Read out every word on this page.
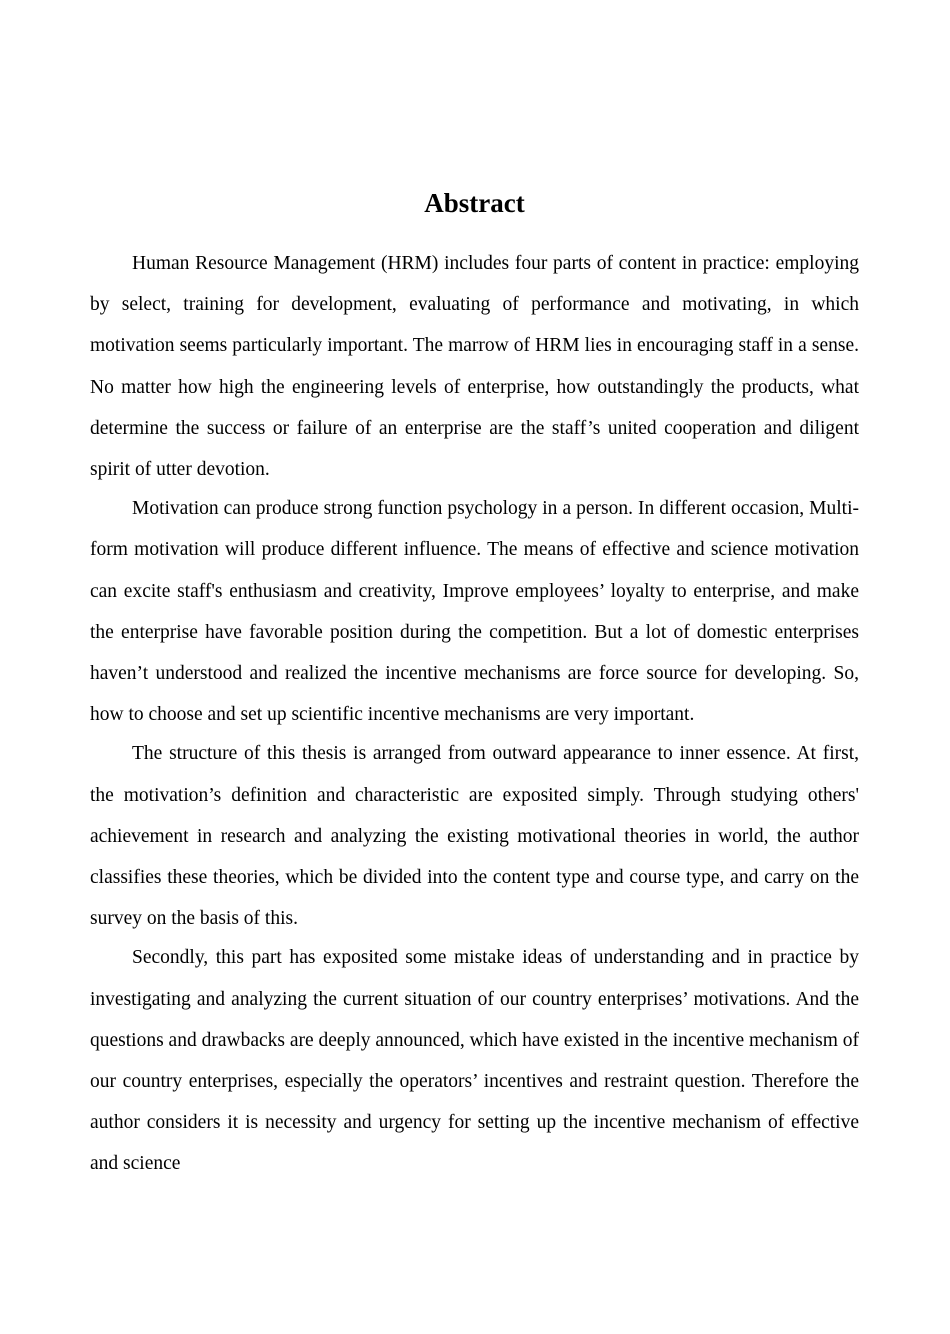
Abstract

Human Resource Management (HRM) includes four parts of content in practice: employing by select, training for development, evaluating of performance and motivating, in which motivation seems particularly important. The marrow of HRM lies in encouraging staff in a sense. No matter how high the engineering levels of enterprise, how outstandingly the products, what determine the success or failure of an enterprise are the staff’s united cooperation and diligent spirit of utter devotion.

Motivation can produce strong function psychology in a person. In different occasion, Multi-form motivation will produce different influence. The means of effective and science motivation can excite staff's enthusiasm and creativity, Improve employees’ loyalty to enterprise, and make the enterprise have favorable position during the competition. But a lot of domestic enterprises haven’t understood and realized the incentive mechanisms are force source for developing. So, how to choose and set up scientific incentive mechanisms are very important.

The structure of this thesis is arranged from outward appearance to inner essence. At first, the motivation’s definition and characteristic are exposited simply. Through studying others' achievement in research and analyzing the existing motivational theories in world, the author classifies these theories, which be divided into the content type and course type, and carry on the survey on the basis of this.

Secondly, this part has exposited some mistake ideas of understanding and in practice by investigating and analyzing the current situation of our country enterprises’ motivations. And the questions and drawbacks are deeply announced, which have existed in the incentive mechanism of our country enterprises, especially the operators’ incentives and restraint question. Therefore the author considers it is necessity and urgency for setting up the incentive mechanism of effective and science
